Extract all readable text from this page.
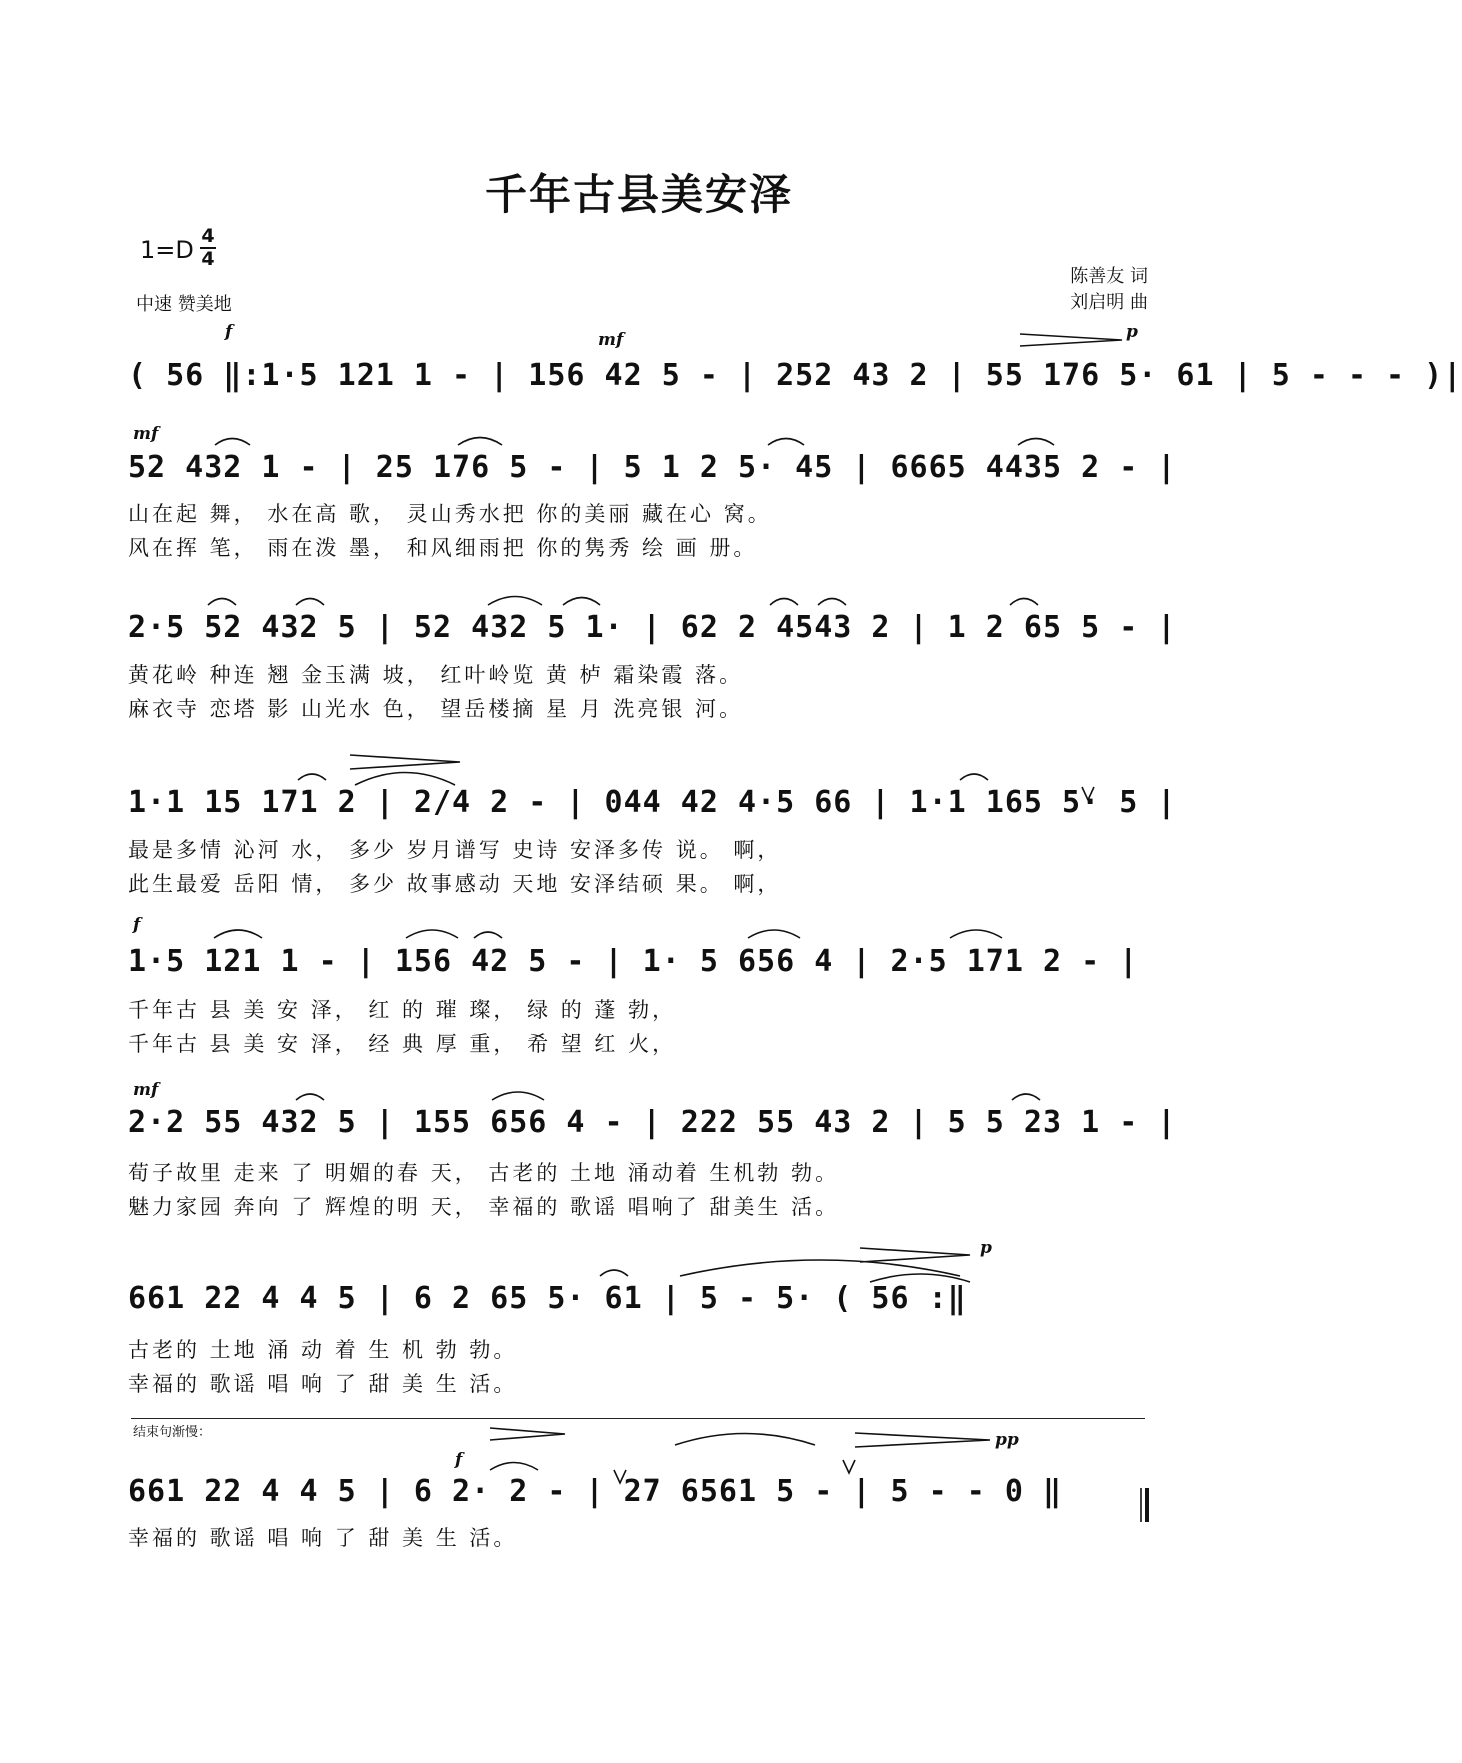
千年古县美安泽
1=D 4
4
中速 赞美地
陈善友 词
刘启明 曲
f	mf	p
( 56 ‖:1·5 121 1 - | 156 42 5 - | 252 43 2 | 55 176 5· 61 | 5 - - - )|
mf
52 432 1 - | 25 176 5 - | 5 1 2 5· 45 | 6665 4435 2 - |
山在起 舞， 水在高 歌， 灵山秀水把 你的美丽 藏在心 窝。
风在挥 笔， 雨在泼 墨， 和风细雨把 你的隽秀 绘 画 册。
2·5 52 432 5 | 52 432 5 1· | 62 2 4543 2 | 1 2 65 5 - |
黄花岭 种连 翘 金玉满 坡， 红叶岭览 黄 栌 霜染霞 落。
麻衣寺 恋塔 影 山光水 色， 望岳楼摘 星 月 洗亮银 河。
1·1 15 171 2 | 2/4 2 - | 044 42 4·5 66 | 1·1 165 5· 5 |
最是多情 沁河 水， 多少 岁月谱写 史诗 安泽多传 说。 啊，
此生最爱 岳阳 情， 多少 故事感动 天地 安泽结硕 果。 啊，
f
1·5 121 1 - | 156 42 5 - | 1· 5 656 4 | 2·5 171 2 - |
千年古 县 美 安 泽， 红 的 璀 璨， 绿 的 蓬 勃，
千年古 县 美 安 泽， 经 典 厚 重， 希 望 红 火，
mf
2·2 55 432 5 | 155 656 4 - | 222 55 43 2 | 5 5 23 1 - |
荀子故里 走来 了 明媚的春 天， 古老的 土地 涌动着 生机勃 勃。
魅力家园 奔向 了 辉煌的明 天， 幸福的 歌谣 唱响了 甜美生 活。
p
661 22 4 4 5 | 6 2 65 5· 61 | 5 - 5· ( 56 :‖
古老的 土地 涌 动 着 生 机 勃 勃。
幸福的 歌谣 唱 响 了 甜 美 生 活。
结束句渐慢：
f
pp
661 22 4 4 5 | 6 2· 2 - | 27 6561 5 - | 5 - - 0 ‖
幸福的 歌谣 唱 响 了 甜 美 生 活。
